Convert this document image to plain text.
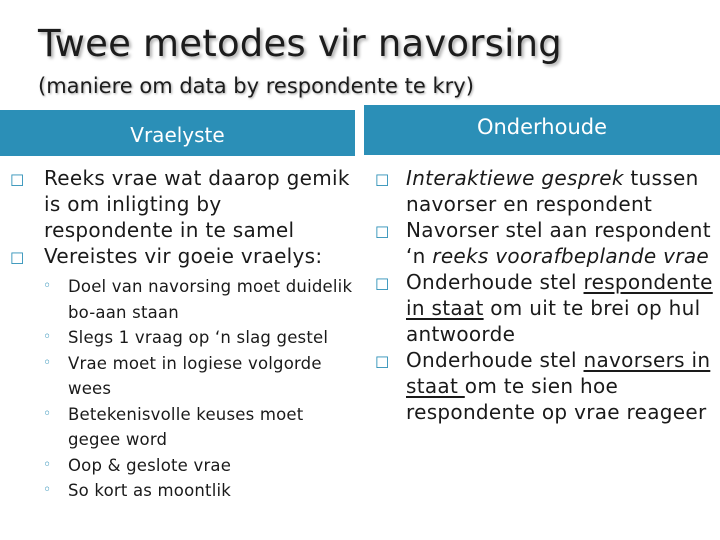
Twee metodes vir navorsing
(maniere om data by respondente te kry)
Vraelyste	Onderhoude
☐ Reeks vrae wat daarop gemik is om inligting by respondente in te samel
☐ Vereistes vir goeie vraelys:
◦ Doel van navorsing moet duidelik bo-aan staan
◦ Slegs 1 vraag op ‘n slag gestel
◦ Vrae moet in logiese volgorde wees
◦ Betekenisvolle keuses moet gegee word
◦ Oop & geslote vrae
◦ So kort as moontlik
☐ Interaktiewe gesprek tussen navorser en respondent
☐ Navorser stel aan respondent ‘n reeks voorafbeplande vrae
☐ Onderhoude stel respondente in staat om uit te brei op hul antwoorde
☐ Onderhoude stel navorsers in staat om te sien hoe respondente op vrae reageer
